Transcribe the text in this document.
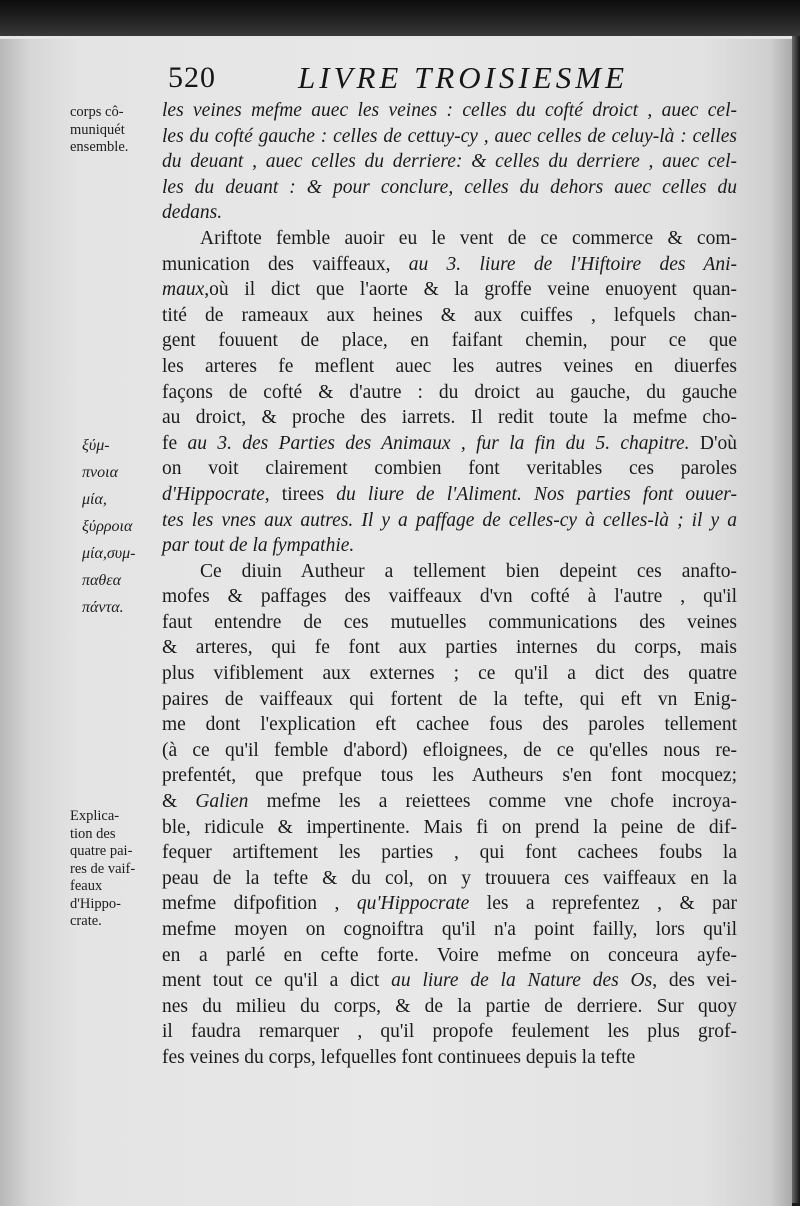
520	LIVRE TROISIESME
corps cô-
muniquét
ensemble.
ξύμ-
πνοια
μία,
ξύρροια
μία,συμ-
παθεα
πάντα.
Explica-
tion des
quatre pai-
res de vaif-
feaux
d'Hippo-
crate.
les veines mefme auec les veines : celles du cofté droict , auec cel-
les du cofté gauche : celles de cettuy-cy , auec celles de celuy-là : celles
du deuant , auec celles du derriere: & celles du derriere , auec cel-
les du deuant : & pour conclure, celles du dehors auec celles du
dedans.
Ariftote femble auoir eu le vent de ce commerce & com-
munication des vaiffeaux, au 3. liure de l'Hiftoire des Ani-
maux,où il dict que l'aorte & la groffe veine enuoyent quan-
tité de rameaux aux heines & aux cuiffes , lefquels chan-
gent fouuent de place, en faifant chemin, pour ce que
les arteres fe meflent auec les autres veines en diuerfes
façons de cofté & d'autre : du droict au gauche, du gauche
au droict, & proche des iarrets. Il redit toute la mefme cho-
fe au 3. des Parties des Animaux , fur la fin du 5. chapitre. D'où
on voit clairement combien font veritables ces paroles
d'Hippocrate, tirees du liure de l'Aliment. Nos parties font ouuer-
tes les vnes aux autres. Il y a paffage de celles-cy à celles-là ; il y a
par tout de la fympathie.
Ce diuin Autheur a tellement bien depeint ces anafto-
mofes & paffages des vaiffeaux d'vn cofté à l'autre , qu'il
faut entendre de ces mutuelles communications des veines
& arteres, qui fe font aux parties internes du corps, mais
plus vifiblement aux externes ; ce qu'il a dict des quatre
paires de vaiffeaux qui fortent de la tefte, qui eft vn Enig-
me dont l'explication eft cachee fous des paroles tellement
(à ce qu'il femble d'abord) efloignees, de ce qu'elles nous re-
prefentét, que prefque tous les Autheurs s'en font mocquez;
& Galien mefme les a reiettees comme vne chofe incroya-
ble, ridicule & impertinente. Mais fi on prend la peine de dif-
fequer artiftement les parties , qui font cachees foubs la
peau de la tefte & du col, on y trouuera ces vaiffeaux en la
mefme difpofition , qu'Hippocrate les a reprefentez , & par
mefme moyen on cognoiftra qu'il n'a point failly, lors qu'il
en a parlé en cefte forte. Voire mefme on conceura ayfe-
ment tout ce qu'il a dict au liure de la Nature des Os, des vei-
nes du milieu du corps, & de la partie de derriere. Sur quoy
il faudra remarquer , qu'il propofe feulement les plus grof-
fes veines du corps, lefquelles font continuees depuis la tefte
